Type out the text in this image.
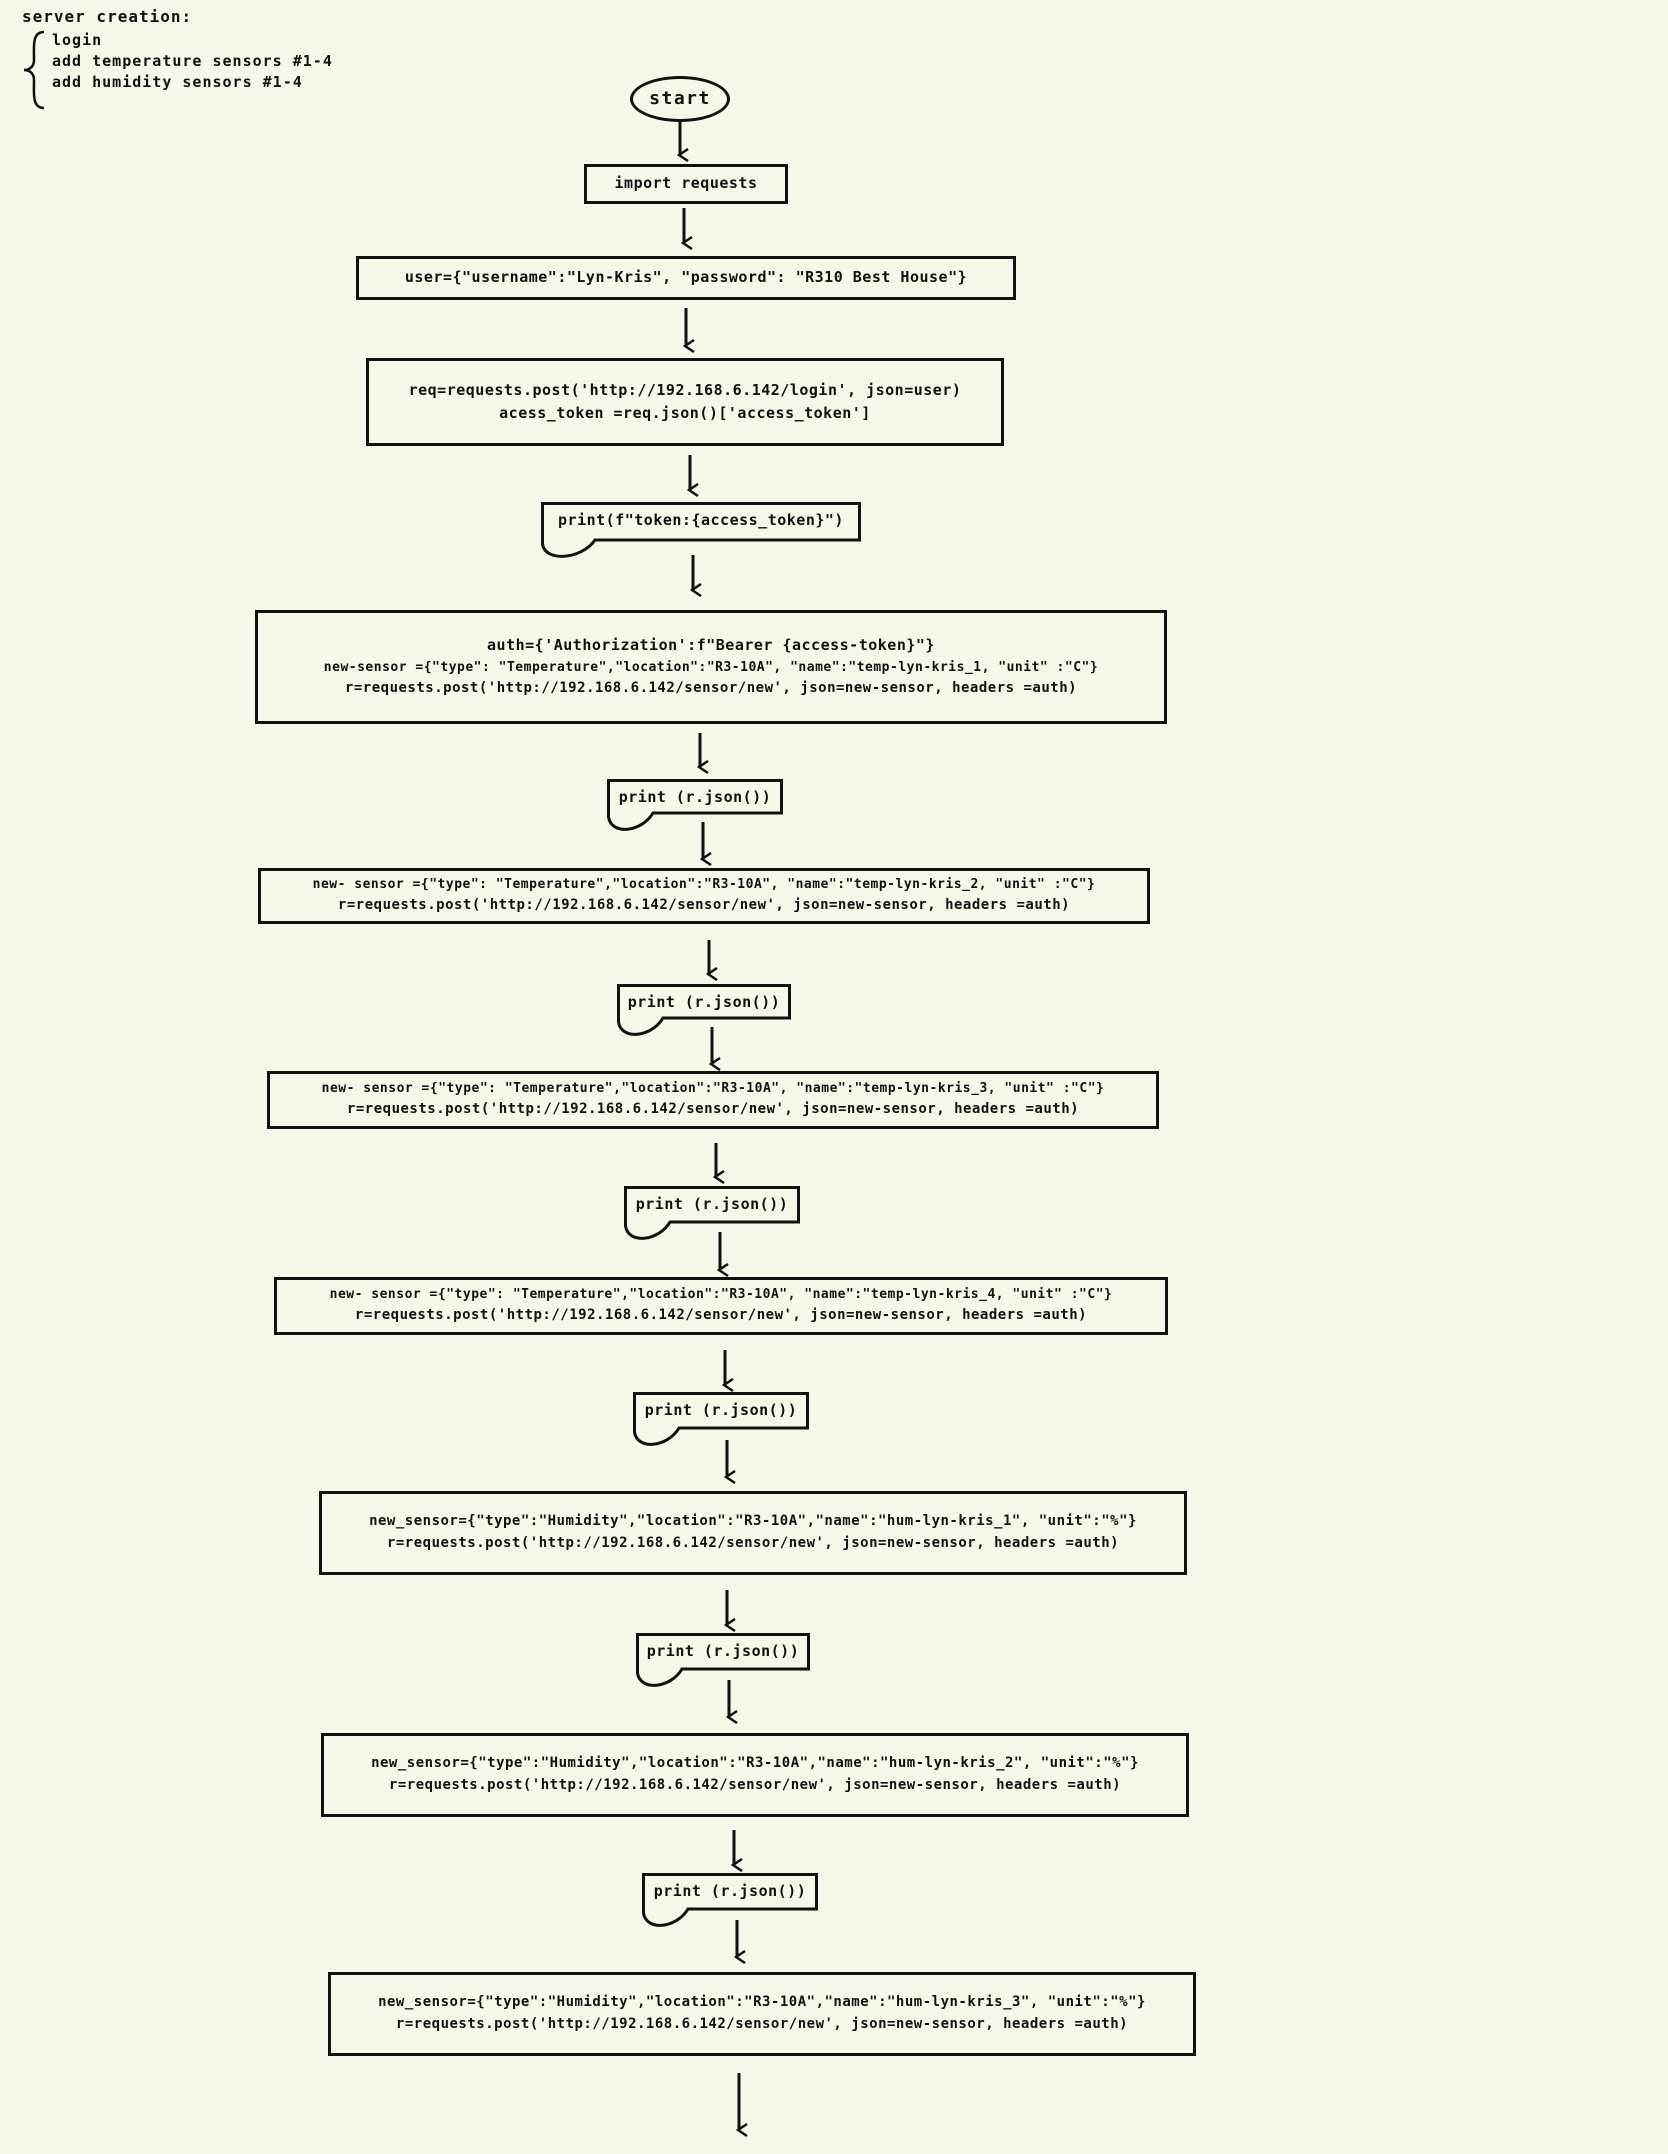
server creation:
login
add temperature sensors #1-4
add humidity sensors #1-4
start
import requests
user={"username":"Lyn-Kris", "password": "R310 Best House"}
req=requests.post('http://192.168.6.142/login', json=user)
acess_token =req.json()['access_token']
print(f"token:{access_token}")
auth={'Authorization':f"Bearer {access-token}"}
new-sensor ={"type": "Temperature","location":"R3-10A", "name":"temp-lyn-kris_1, "unit" :"C"}
r=requests.post('http://192.168.6.142/sensor/new', json=new-sensor, headers =auth)
print (r.json())
new- sensor ={"type": "Temperature","location":"R3-10A", "name":"temp-lyn-kris_2, "unit" :"C"}
r=requests.post('http://192.168.6.142/sensor/new', json=new-sensor, headers =auth)
print (r.json())
new- sensor ={"type": "Temperature","location":"R3-10A", "name":"temp-lyn-kris_3, "unit" :"C"}
r=requests.post('http://192.168.6.142/sensor/new', json=new-sensor, headers =auth)
print (r.json())
new- sensor ={"type": "Temperature","location":"R3-10A", "name":"temp-lyn-kris_4, "unit" :"C"}
r=requests.post('http://192.168.6.142/sensor/new', json=new-sensor, headers =auth)
print (r.json())
new_sensor={"type":"Humidity","location":"R3-10A","name":"hum-lyn-kris_1", "unit":"%"}
r=requests.post('http://192.168.6.142/sensor/new', json=new-sensor, headers =auth)
print (r.json())
new_sensor={"type":"Humidity","location":"R3-10A","name":"hum-lyn-kris_2", "unit":"%"}
r=requests.post('http://192.168.6.142/sensor/new', json=new-sensor, headers =auth)
print (r.json())
new_sensor={"type":"Humidity","location":"R3-10A","name":"hum-lyn-kris_3", "unit":"%"}
r=requests.post('http://192.168.6.142/sensor/new', json=new-sensor, headers =auth)
